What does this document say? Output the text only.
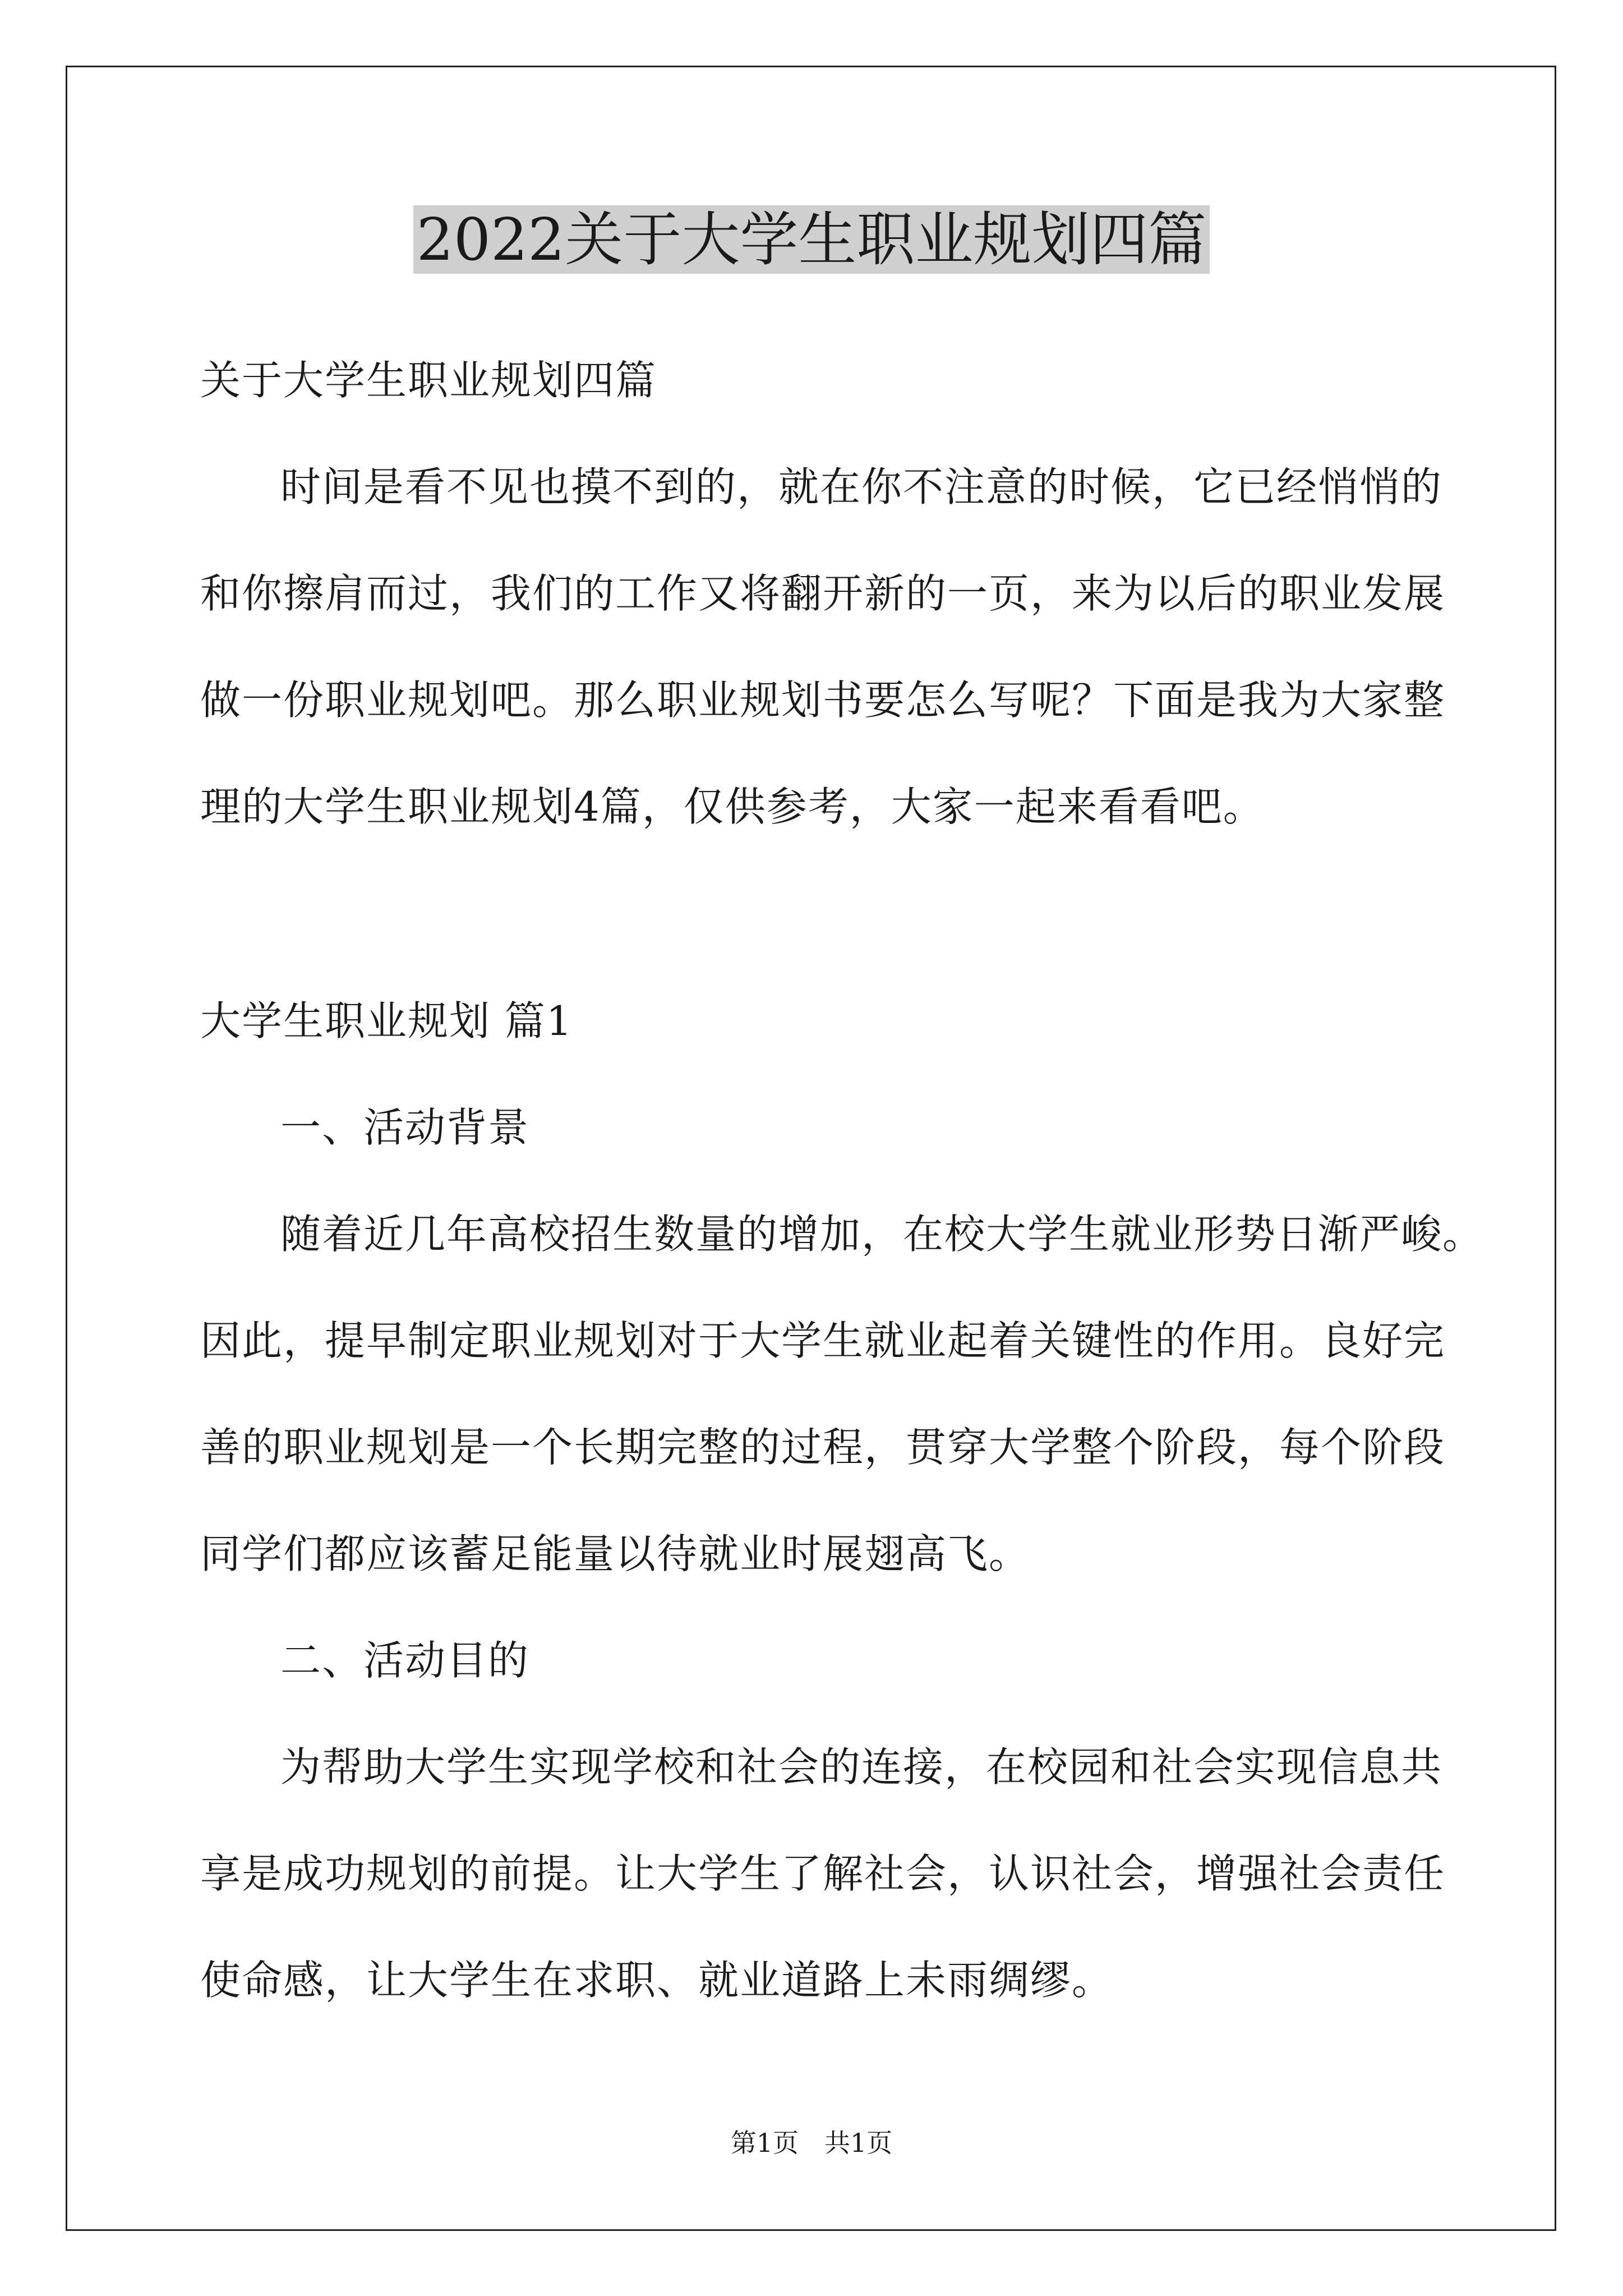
2022关于大学生职业规划四篇
关于大学生职业规划四篇
时间是看不见也摸不到的，就在你不注意的时候，它已经悄悄的
和你擦肩而过，我们的工作又将翻开新的一页，来为以后的职业发展
做一份职业规划吧。那么职业规划书要怎么写呢？下面是我为大家整
理的大学生职业规划4篇，仅供参考，大家一起来看看吧。
大学生职业规划 篇1
一、活动背景
随着近几年高校招生数量的增加，在校大学生就业形势日渐严峻。
因此，提早制定职业规划对于大学生就业起着关键性的作用。良好完
善的职业规划是一个长期完整的过程，贯穿大学整个阶段，每个阶段
同学们都应该蓄足能量以待就业时展翅高飞。
二、活动目的
为帮助大学生实现学校和社会的连接，在校园和社会实现信息共
享是成功规划的前提。让大学生了解社会，认识社会，增强社会责任
使命感，让大学生在求职、就业道路上未雨绸缪。
第1页　共1页
